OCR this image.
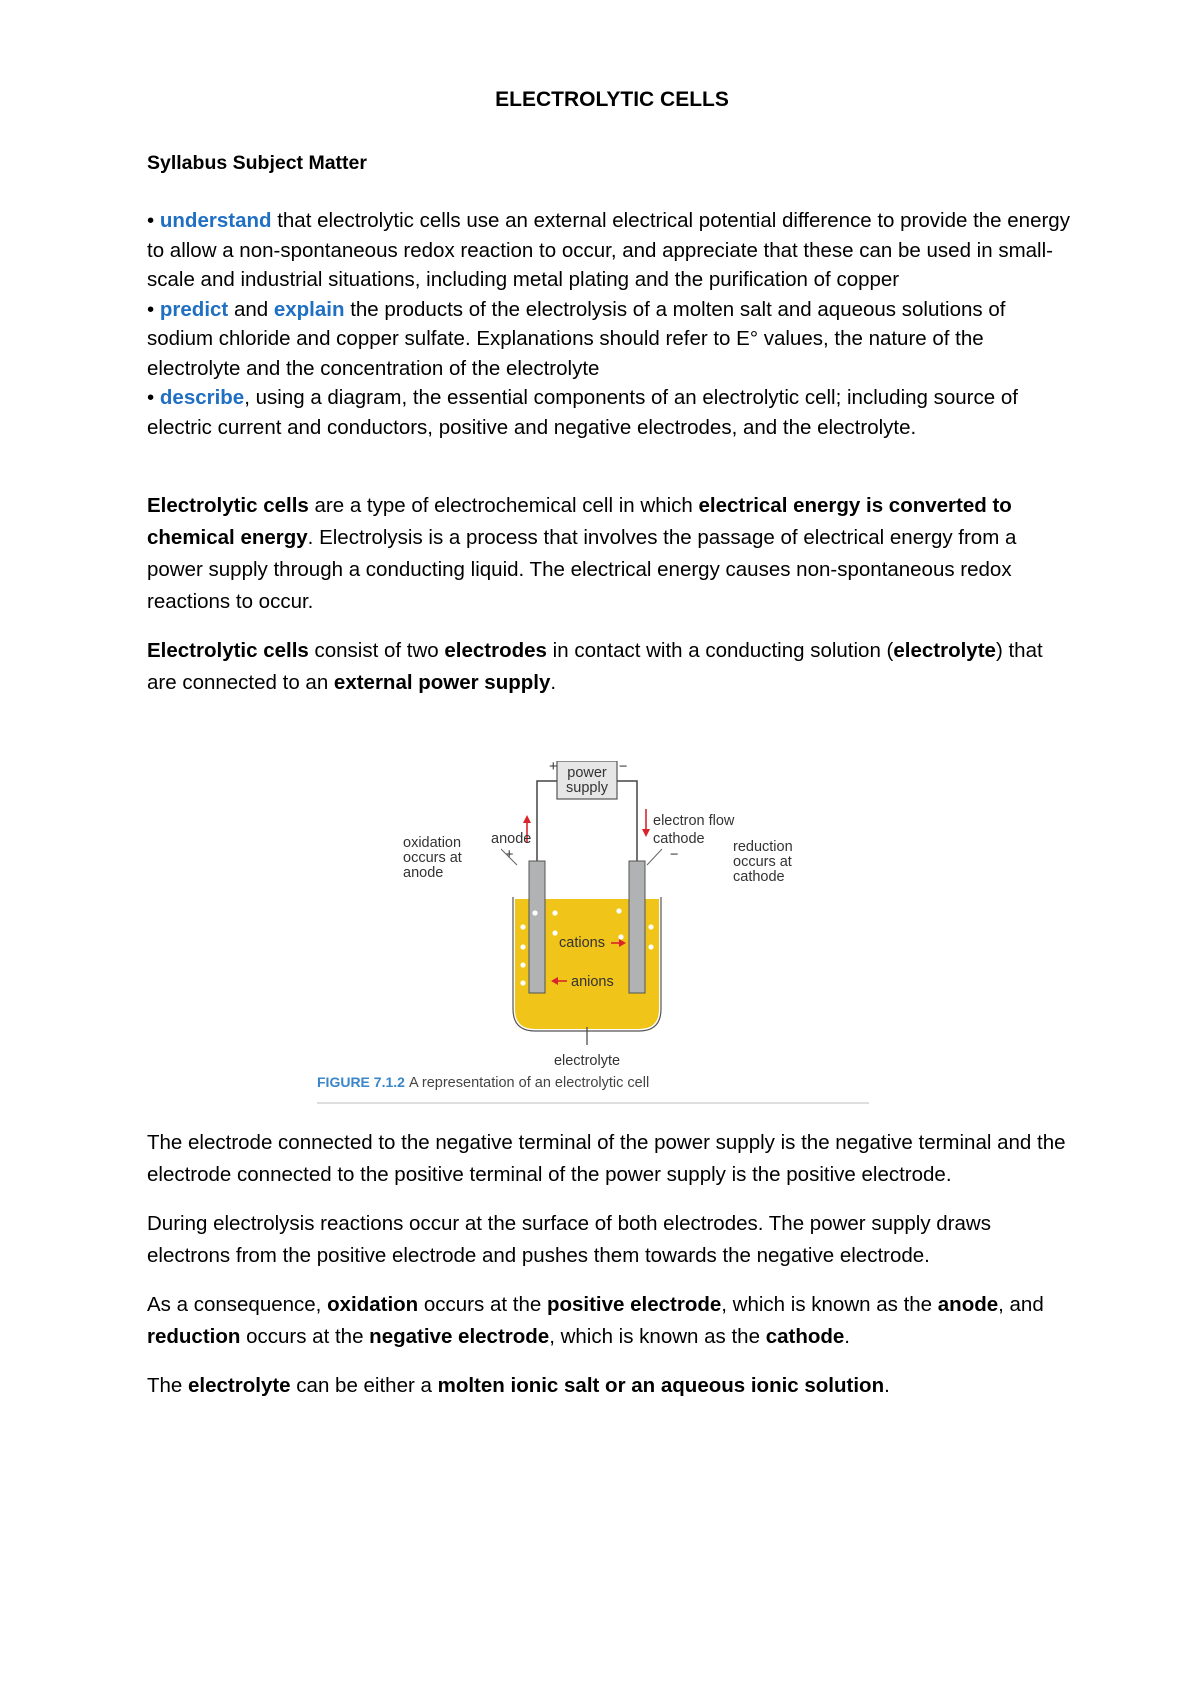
ELECTROLYTIC CELLS
Syllabus Subject Matter

• understand that electrolytic cells use an external electrical potential difference to provide the energy to allow a non-spontaneous redox reaction to occur, and appreciate that these can be used in small-scale and industrial situations, including metal plating and the purification of copper

• predict and explain the products of the electrolysis of a molten salt and aqueous solutions of sodium chloride and copper sulfate. Explanations should refer to E° values, the nature of the electrolyte and the concentration of the electrolyte

• describe, using a diagram, the essential components of an electrolytic cell; including source of electric current and conductors, positive and negative electrodes, and the electrolyte.

Electrolytic cells are a type of electrochemical cell in which electrical energy is converted to chemical energy. Electrolysis is a process that involves the passage of electrical energy from a power supply through a conducting liquid. The electrical energy causes non-spontaneous redox reactions to occur.

Electrolytic cells consist of two electrodes in contact with a conducting solution (electrolyte) that are connected to an external power supply.

power
supply
+	−
electron flow
anode
+
cathode
−
oxidation
occurs at
anode
reduction
occurs at
cathode
cations
anions
electrolyte
FIGURE 7.1.2 A representation of an electrolytic cell

The electrode connected to the negative terminal of the power supply is the negative terminal and the electrode connected to the positive terminal of the power supply is the positive electrode.

During electrolysis reactions occur at the surface of both electrodes. The power supply draws electrons from the positive electrode and pushes them towards the negative electrode.

As a consequence, oxidation occurs at the positive electrode, which is known as the anode, and reduction occurs at the negative electrode, which is known as the cathode.

The electrolyte can be either a molten ionic salt or an aqueous ionic solution.
